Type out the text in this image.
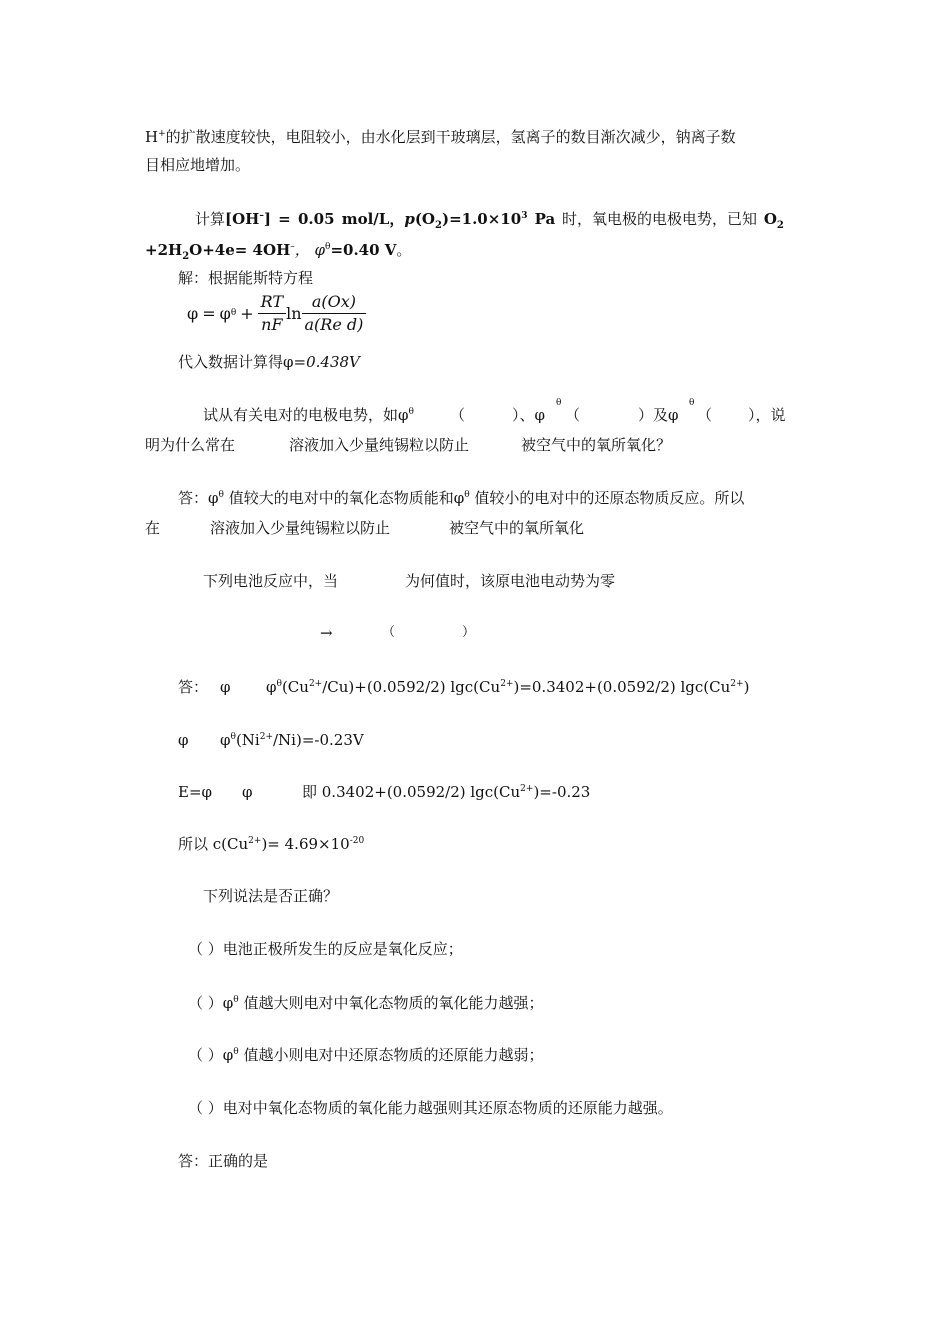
H+的扩散速度较快，电阻较小，由水化层到干玻璃层，氢离子的数目渐次减少，钠离子数
目相应地增加。
计算[OH–] = 0.05 mol/L，$p(O_2)=1.0\times 10^3$ Pa 时，氧电极的电极电势，已知 $O_2$
$+2H_2O+4e= 4OH^-$， $\varphi^\theta=0.40$ V。
解：根据能斯特方程
φ = φ $\theta + \frac{RT}{nF}$ $\ln \frac{a(Ox)}{\text{a(Re d)}}$
代入数据计算得φ=0.438V
试从有关电对的电极电势，如$\varphi^\theta$ （	）、φ
θ
（	）及φ
θ
（ ），说
明为什么常在	溶液加入少量纯锡粒以防止	被空气中的氧所氧化？
答：$\varphi^\theta$ 值较大的电对中的氧化态物质能和$\varphi^\theta$ 值较小的电对中的还原态物质反应。所以
在	溶液加入少量纯锡粒以防止	被空气中的氧所氧化
下列电池反应中，当	为何值时，该原电池电动势为零
→	（	）
答： φ $\varphi^\theta(Cu^{2+}/Cu)+(0.0592/2)$ $\lg c(Cu^{2+})=0.3402+(0.0592/2)$ $\lg c(Cu^{2+})$
φ $\varphi^\theta(Ni^{2+}/Ni)=-0.23V$
E=φ φ	即 0.3402+(0.0592/2) $\lg c(Cu^{2+})=-0.23$
所以 $c(Cu^{2+})= 4.69\times 10^{-20}$
下列说法是否正确？
（ ）电池正极所发生的反应是氧化反应；
（ ）$\varphi^\theta$ 值越大则电对中氧化态物质的氧化能力越强；
（ ）$\varphi^\theta$ 值越小则电对中还原态物质的还原能力越弱；
（ ）电对中氧化态物质的氧化能力越强则其还原态物质的还原能力越强。
答：正确的是
